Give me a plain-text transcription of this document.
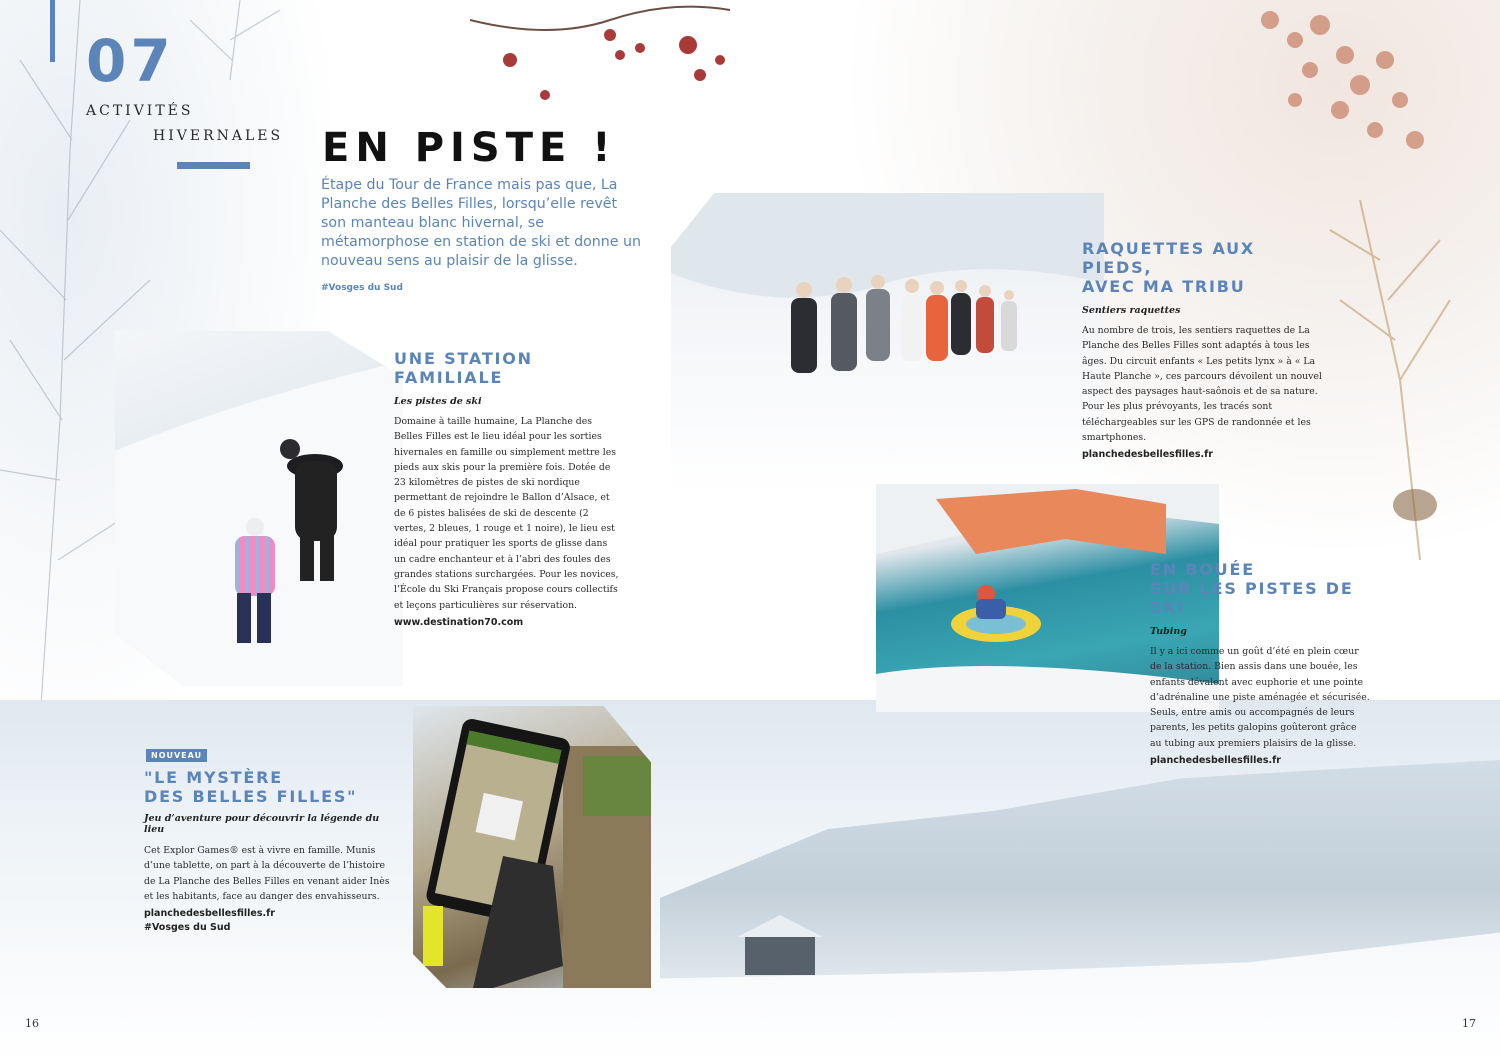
07
ACTIVITÉS
HIVERNALES EN PISTE !
Étape du Tour de France mais pas que, La Planche des Belles Filles, lorsqu’elle revêt son manteau blanc hivernal, se métamorphose en station de ski et donne un nouveau sens au plaisir de la glisse.
#Vosges du Sud
UNE STATION
FAMILIALE
Les pistes de ski
Domaine à taille humaine, La Planche des Belles Filles est le lieu idéal pour les sorties hivernales en famille ou simplement mettre les pieds aux skis pour la première fois. Dotée de 23 kilomètres de pistes de ski nordique permettant de rejoindre le Ballon d’Alsace, et de 6 pistes balisées de ski de descente (2 vertes, 2 bleues, 1 rouge et 1 noire), le lieu est idéal pour pratiquer les sports de glisse dans un cadre enchanteur et à l’abri des foules des grandes stations surchargées. Pour les novices, l’École du Ski Français propose cours collectifs et leçons particulières sur réservation.
www.destination70.com
RAQUETTES AUX PIEDS,
AVEC MA TRIBU
Sentiers raquettes
Au nombre de trois, les sentiers raquettes de La Planche des Belles Filles sont adaptés à tous les âges. Du circuit enfants « Les petits lynx » à « La Haute Planche », ces parcours dévoilent un nouvel aspect des paysages haut-saônois et de sa nature. Pour les plus prévoyants, les tracés sont téléchargeables sur les GPS de randonnée et les smartphones.
planchedesbellesfilles.fr
EN BOUÉE
SUR LES PISTES DE SKI
Tubing
Il y a ici comme un goût d’été en plein cœur de la station. Bien assis dans une bouée, les enfants dévalent avec euphorie et une pointe d’adrénaline une piste aménagée et sécurisée. Seuls, entre amis ou accompagnés de leurs parents, les petits galopins goûteront grâce au tubing aux premiers plaisirs de la glisse.
planchedesbellesfilles.fr
NOUVEAU
"LE MYSTÈRE
DES BELLES FILLES"
Jeu d’aventure pour découvrir la légende du lieu
Cet Explor Games® est à vivre en famille. Munis d’une tablette, on part à la découverte de l’histoire de La Planche des Belles Filles en venant aider Inès et les habitants, face au danger des envahisseurs.
planchedesbellesfilles.fr
#Vosges du Sud
16	17
